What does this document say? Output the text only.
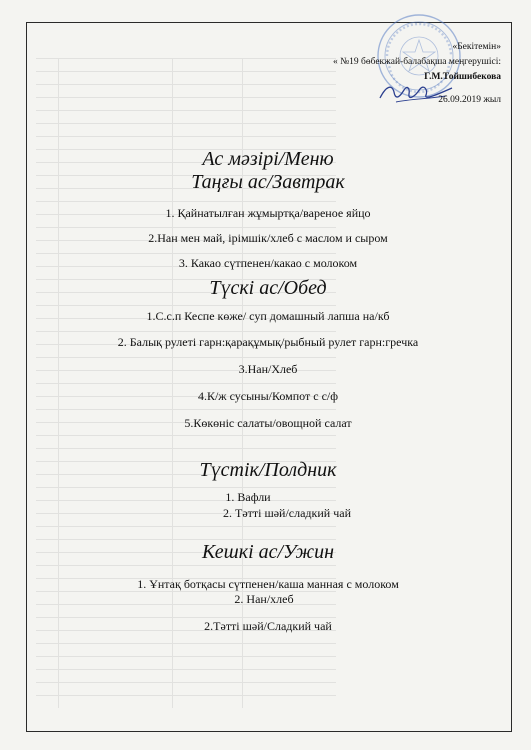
«Бекітемін»
« №19 бөбекжай-балабақша меңгерушісі:
Г.М.Тойшибекова
26.09.2019 жыл
Ас мәзірі/Меню
Таңғы ас/Завтрак
1. Қайнатылған жұмыртқа/вареное яйцо
2.Нан мен май, ірімшік/хлеб с маслом и сыром
3. Какао сүтпенен/какао с молоком
Түскі ас/Обед
1.С.с.п Кеспе көже/ суп домашный лапша на/кб
2. Балық рулеті гарн:қарақұмық/рыбный рулет гарн:гречка
3.Нан/Хлеб
4.К/ж сусыны/Компот с с/ф
5.Көкөніс салаты/овощной салат
Түстік/Полдник
1. Вафли
2. Тәтті шәй/сладкий чай
Кешкі ас/Ужин
1. Ұнтақ ботқасы сүтпенен/каша манная с молоком
2. Нан/хлеб
2.Тәтті шәй/Сладкий чай
